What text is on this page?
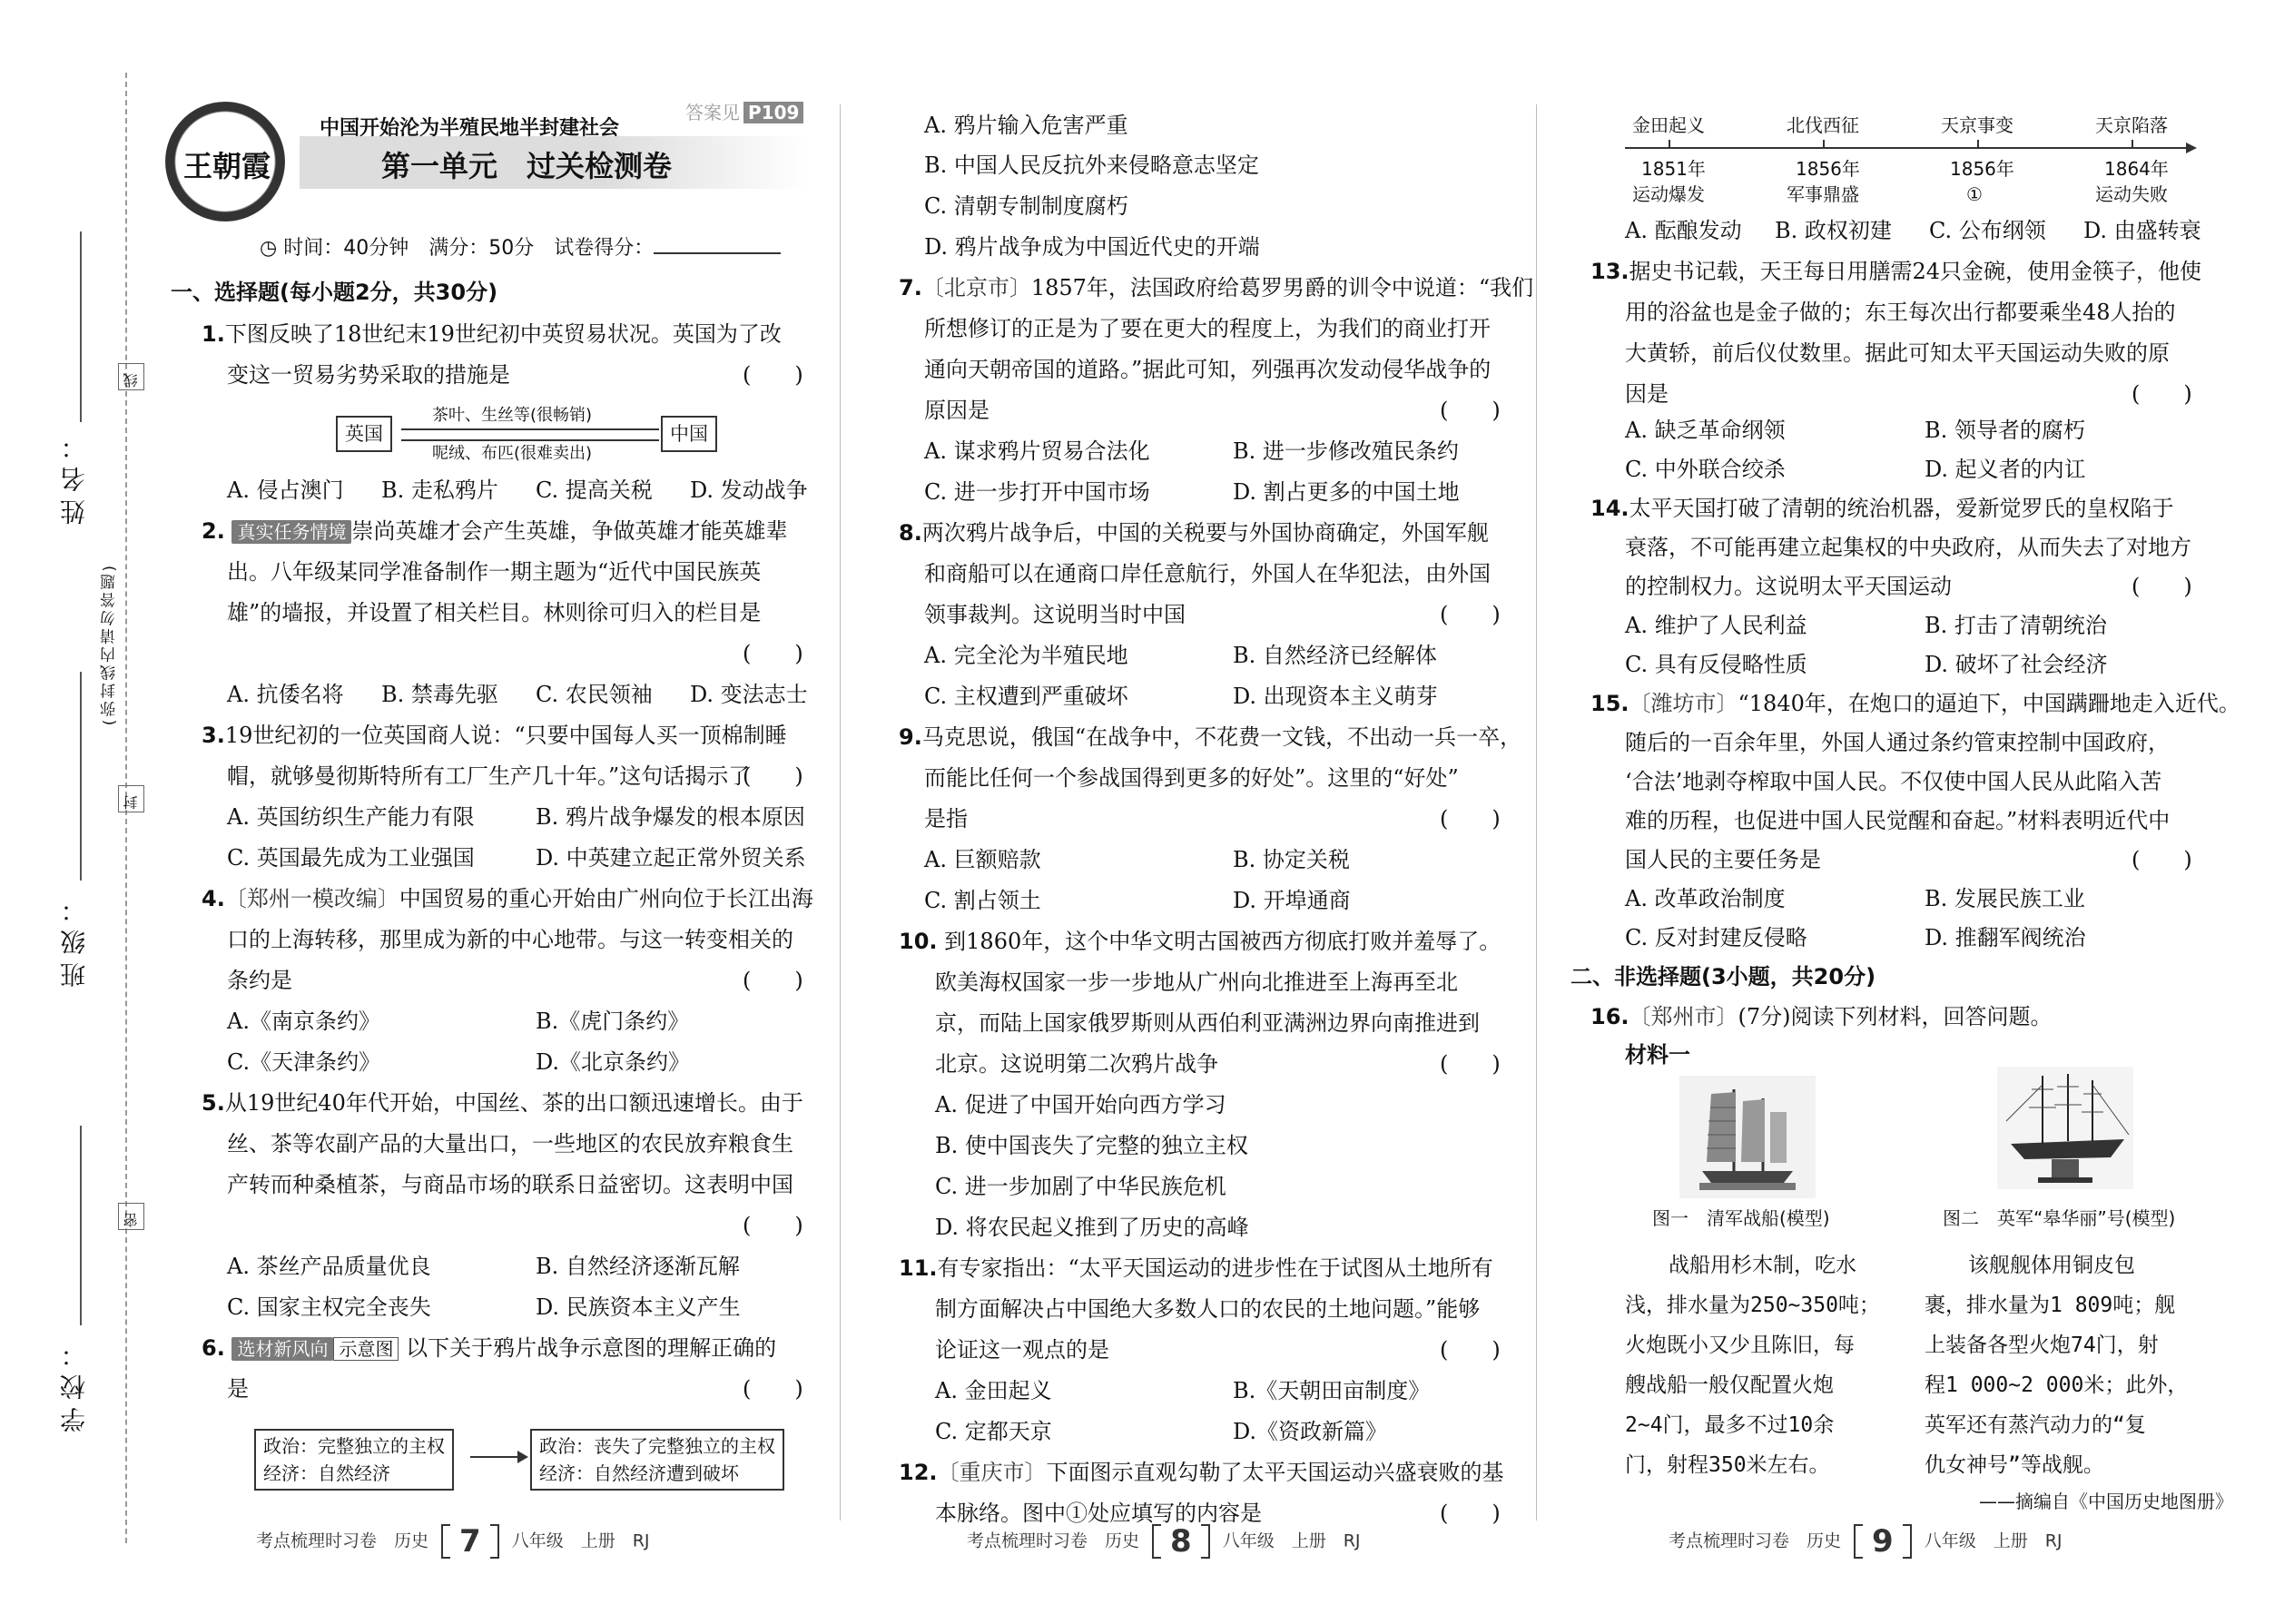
姓名：
班级：
学校：
(弥封线内请勿答题)
线
封
密
王朝霞
中国开始沦为半殖民地半封建社会
第一单元　过关检测卷
答案见 P109
◷ 时间：40分钟　满分：50分　试卷得分：
一、选择题(每小题2分，共30分)
1.下图反映了18世纪末19世纪初中英贸易状况。英国为了改
变这一贸易劣势采取的措施是	(　　)
英国	中国
茶叶、生丝等(很畅销)
呢绒、布匹(很难卖出)
A. 侵占澳门 B. 走私鸦片 C. 提高关税 D. 发动战争
2. 真实任务情境 崇尚英雄才会产生英雄，争做英雄才能英雄辈
出。八年级某同学准备制作一期主题为“近代中国民族英
雄”的墙报，并设置了相关栏目。林则徐可归入的栏目是
(　　)
A. 抗倭名将 B. 禁毒先驱 C. 农民领袖 D. 变法志士
3.19世纪初的一位英国商人说：“只要中国每人买一顶棉制睡
帽，就够曼彻斯特所有工厂生产几十年。”这句话揭示了
(　　)
A. 英国纺织生产能力有限	B. 鸦片战争爆发的根本原因
C. 英国最先成为工业强国	D. 中英建立起正常外贸关系
4.〔郑州一模改编〕中国贸易的重心开始由广州向位于长江出海
口的上海转移，那里成为新的中心地带。与这一转变相关的
条约是	(　　)
A.《南京条约》	B.《虎门条约》
C.《天津条约》	D.《北京条约》
5.从19世纪40年代开始，中国丝、茶的出口额迅速增长。由于
丝、茶等农副产品的大量出口，一些地区的农民放弃粮食生
产转而种桑植茶，与商品市场的联系日益密切。这表明中国
(　　)
A. 茶丝产品质量优良	B. 自然经济逐渐瓦解
C. 国家主权完全丧失	D. 民族资本主义产生
6. 选材新风向 示意图 以下关于鸦片战争示意图的理解正确的
是	(　　)
政治：完整独立的主权
经济：自然经济
政治：丧失了完整独立的主权
经济：自然经济遭到破坏
考点梳理时习卷　历史 7 八年级　上册　RJ
A. 鸦片输入危害严重
B. 中国人民反抗外来侵略意志坚定
C. 清朝专制制度腐朽
D. 鸦片战争成为中国近代史的开端
7.〔北京市〕1857年，法国政府给葛罗男爵的训令中说道：“我们
所想修订的正是为了要在更大的程度上，为我们的商业打开
通向天朝帝国的道路。”据此可知，列强再次发动侵华战争的
原因是	(　　)
A. 谋求鸦片贸易合法化	B. 进一步修改殖民条约
C. 进一步打开中国市场	D. 割占更多的中国土地
8.两次鸦片战争后，中国的关税要与外国协商确定，外国军舰
和商船可以在通商口岸任意航行，外国人在华犯法，由外国
领事裁判。这说明当时中国	(　　)
A. 完全沦为半殖民地	B. 自然经济已经解体
C. 主权遭到严重破坏	D. 出现资本主义萌芽
9.马克思说，俄国“在战争中，不花费一文钱，不出动一兵一卒，
而能比任何一个参战国得到更多的好处”。这里的“好处”
是指	(　　)
A. 巨额赔款	B. 协定关税
C. 割占领土	D. 开埠通商
10. 到1860年，这个中华文明古国被西方彻底打败并羞辱了。
欧美海权国家一步一步地从广州向北推进至上海再至北
京，而陆上国家俄罗斯则从西伯利亚满洲边界向南推进到
北京。这说明第二次鸦片战争	(　　)
A. 促进了中国开始向西方学习
B. 使中国丧失了完整的独立主权
C. 进一步加剧了中华民族危机
D. 将农民起义推到了历史的高峰
11.有专家指出：“太平天国运动的进步性在于试图从土地所有
制方面解决占中国绝大多数人口的农民的土地问题。”能够
论证这一观点的是	(　　)
A. 金田起义	B.《天朝田亩制度》
C. 定都天京	D.《资政新篇》
12.〔重庆市〕下面图示直观勾勒了太平天国运动兴盛衰败的基
本脉络。图中①处应填写的内容是	(　　)
考点梳理时习卷　历史 8 八年级　上册　RJ
金田起义	北伐西征	天京事变	天京陷落
1851年	1856年	1856年	1864年
运动爆发	军事鼎盛	①	运动失败
A. 酝酿发动 B. 政权初建 C. 公布纲领 D. 由盛转衰
13.据史书记载，天王每日用膳需24只金碗，使用金筷子，他使
用的浴盆也是金子做的；东王每次出行都要乘坐48人抬的
大黄轿，前后仪仗数里。据此可知太平天国运动失败的原
因是	(　　)
A. 缺乏革命纲领	B. 领导者的腐朽
C. 中外联合绞杀	D. 起义者的内讧
14.太平天国打破了清朝的统治机器，爱新觉罗氏的皇权陷于
衰落，不可能再建立起集权的中央政府，从而失去了对地方
的控制权力。这说明太平天国运动	(　　)
A. 维护了人民利益	B. 打击了清朝统治
C. 具有反侵略性质	D. 破坏了社会经济
15.〔潍坊市〕“1840年，在炮口的逼迫下，中国蹒跚地走入近代。
随后的一百余年里，外国人通过条约管束控制中国政府，
‘合法’地剥夺榨取中国人民。不仅使中国人民从此陷入苦
难的历程，也促进中国人民觉醒和奋起。”材料表明近代中
国人民的主要任务是	(　　)
A. 改革政治制度	B. 发展民族工业
C. 反对封建反侵略	D. 推翻军阀统治
二、非选择题(3小题，共20分)
16.〔郑州市〕(7分)阅读下列材料，回答问题。
材料一
图一　清军战船(模型)	图二　英军“皋华丽”号(模型)
战船用杉木制，吃水
浅，排水量为250~350吨；
火炮既小又少且陈旧，每
艘战船一般仅配置火炮
2~4门，最多不过10余
门，射程350米左右。
该舰舰体用铜皮包
裹，排水量为1 809吨；舰
上装备各型火炮74门，射
程1 000~2 000米；此外，
英军还有蒸汽动力的“复
仇女神号”等战舰。
——摘编自《中国历史地图册》
考点梳理时习卷　历史 9 八年级　上册　RJ
